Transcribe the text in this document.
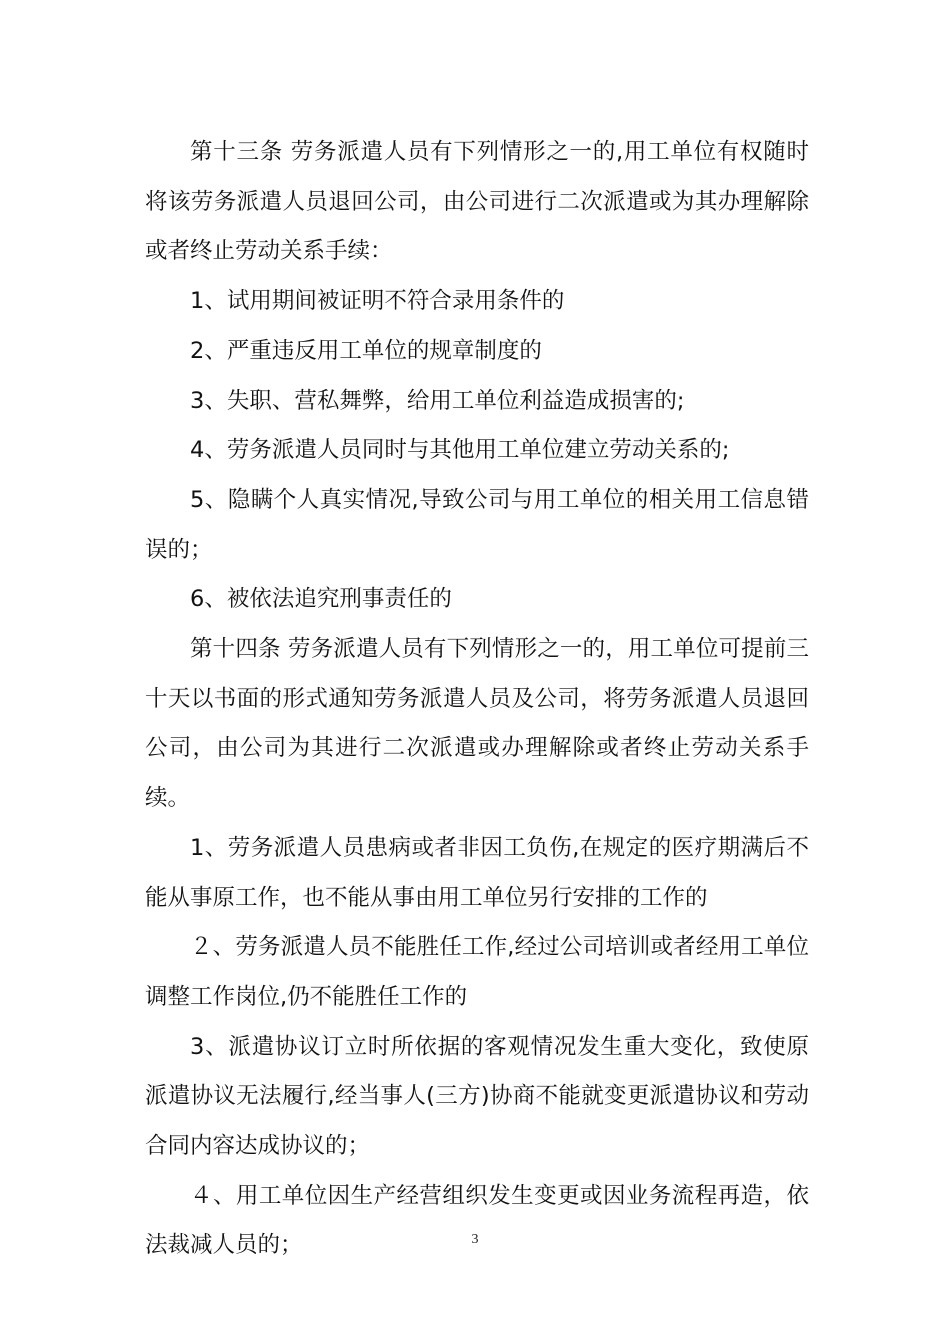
第十三条 劳务派遣人员有下列情形之一的,用工单位有权随时将该劳务派遣人员退回公司，由公司进行二次派遣或为其办理解除或者终止劳动关系手续：

1、试用期间被证明不符合录用条件的

2、严重违反用工单位的规章制度的

3、失职、营私舞弊，给用工单位利益造成损害的;

4、劳务派遣人员同时与其他用工单位建立劳动关系的;

5、隐瞒个人真实情况,导致公司与用工单位的相关用工信息错误的；

6、被依法追究刑事责任的

第十四条 劳务派遣人员有下列情形之一的，用工单位可提前三十天以书面的形式通知劳务派遣人员及公司，将劳务派遣人员退回公司，由公司为其进行二次派遣或办理解除或者终止劳动关系手续。

1、劳务派遣人员患病或者非因工负伤,在规定的医疗期满后不能从事原工作，也不能从事由用工单位另行安排的工作的

２、劳务派遣人员不能胜任工作,经过公司培训或者经用工单位调整工作岗位,仍不能胜任工作的

3、派遣协议订立时所依据的客观情况发生重大变化，致使原派遣协议无法履行,经当事人(三方)协商不能就变更派遣协议和劳动合同内容达成协议的；

４、用工单位因生产经营组织发生变更或因业务流程再造，依法裁减人员的；	3
